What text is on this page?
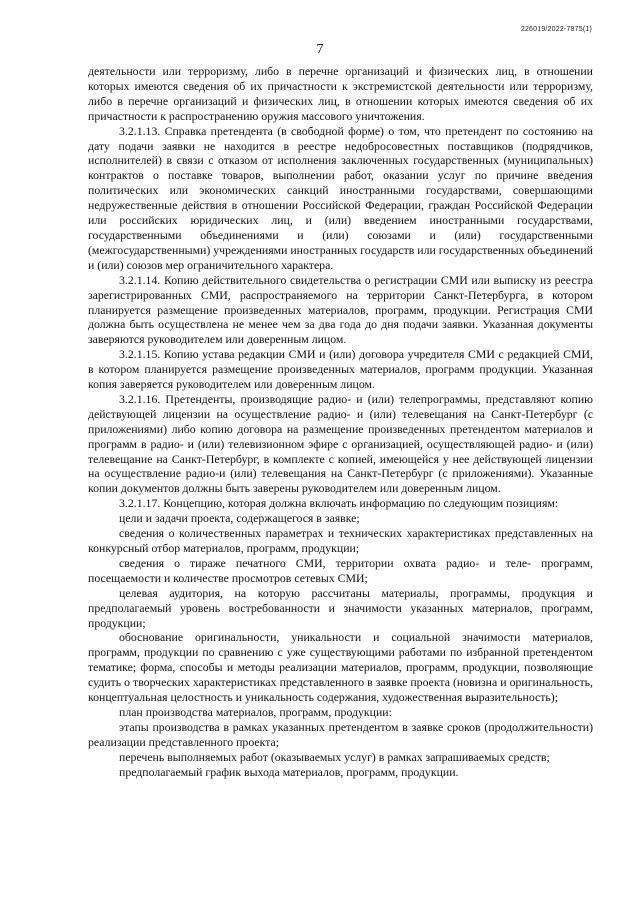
226019/2022-7875(1)
7

деятельности или терроризму, либо в перечне организаций и физических лиц, в отношении которых имеются сведения об их причастности к экстремистской деятельности или терроризму, либо в перечне организаций и физических лиц, в отношении которых имеются сведения об их причастности к распространению оружия массового уничтожения.

3.2.1.13. Справка претендента (в свободной форме) о том, что претендент по состоянию на дату подачи заявки не находится в реестре недобросовестных поставщиков (подрядчиков, исполнителей) в связи с отказом от исполнения заключенных государственных (муниципальных) контрактов о поставке товаров, выполнении работ, оказании услуг по причине введения политических или экономических санкций иностранными государствами, совершающими недружественные действия в отношении Российской Федерации, граждан Российской Федерации или российских юридических лиц, и (или) введением иностранными государствами, государственными объединениями и (или) союзами и (или) государственными (межгосударственными) учреждениями иностранных государств или государственных объединений и (или) союзов мер ограничительного характера.

3.2.1.14. Копию действительного свидетельства о регистрации СМИ или выписку из реестра зарегистрированных СМИ, распространяемого на территории Санкт-Петербурга, в котором планируется размещение произведенных материалов, программ, продукции. Регистрация СМИ должна быть осуществлена не менее чем за два года до дня подачи заявки. Указанная документы заверяются руководителем или доверенным лицом.

3.2.1.15. Копию устава редакции СМИ и (или) договора учредителя СМИ с редакцией СМИ, в котором планируется размещение произведенных материалов, программ продукции. Указанная копия заверяется руководителем или доверенным лицом.

3.2.1.16. Претенденты, производящие радио- и (или) телепрограммы, представляют копию действующей лицензии на осуществление радио- и (или) телевещания на Санкт-Петербург (с приложениями) либо копию договора на размещение произведенных претендентом материалов и программ в радио- и (или) телевизионном эфире с организацией, осуществляющей радио- и (или) телевещание на Санкт-Петербург, в комплекте с копией, имеющейся у нее действующей лицензии на осуществление радио-и (или) телевещания на Санкт-Петербург (с приложениями). Указанные копии документов должны быть заверены руководителем или доверенным лицом.

3.2.1.17. Концепцию, которая должна включать информацию по следующим позициям:

цели и задачи проекта, содержащегося в заявке;

сведения о количественных параметрах и технических характеристиках представленных на конкурсный отбор материалов, программ, продукции;

сведения о тираже печатного СМИ, территории охвата радио- и теле- программ, посещаемости и количестве просмотров сетевых СМИ;

целевая аудитория, на которую рассчитаны материалы, программы, продукция и предполагаемый уровень востребованности и значимости указанных материалов, программ, продукции;

обоснование оригинальности, уникальности и социальной значимости материалов, программ, продукции по сравнению с уже существующими работами по избранной претендентом тематике; форма, способы и методы реализации материалов, программ, продукции, позволяющие судить о творческих характеристиках представленного в заявке проекта (новизна и оригинальность, концептуальная целостность и уникальность содержания, художественная выразительность);

план производства материалов, программ, продукции:

этапы производства в рамках указанных претендентом в заявке сроков (продолжительности) реализации представленного проекта;

перечень выполняемых работ (оказываемых услуг) в рамках запрашиваемых средств;

предполагаемый график выхода материалов, программ, продукции.
